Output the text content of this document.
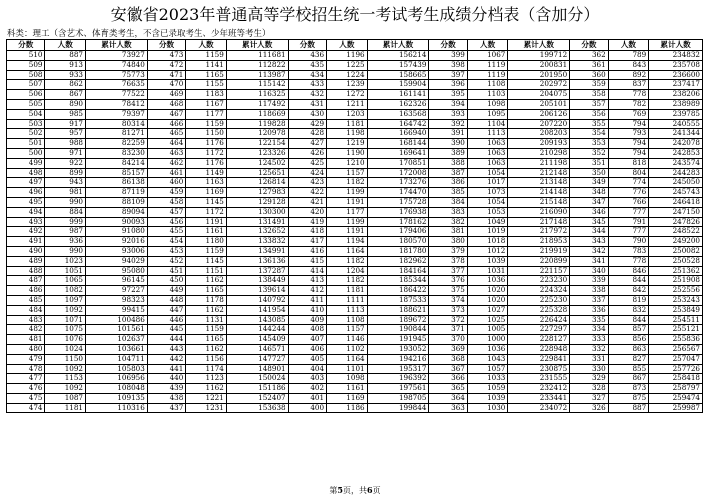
安徽省2023年普通高等学校招生统一考试考生成绩分档表（含加分）
科类：理工（含艺术、体育类考生，不含已录取考生、少年班等考生）
分数	人数	累计人数	分数	人数	累计人数	分数	人数	累计人数	分数	人数	累计人数	分数	人数	累计人数
510	887	73927	473	1159	111681	436	1196	156214	399	1067	199712	362	789	234832
509	913	74840	472	1141	112822	435	1225	157439	398	1119	200831	361	843	235708
508	933	75773	471	1165	113987	434	1224	158665	397	1119	201950	360	892	236600
507	862	76635	470	1155	115142	433	1239	159904	396	1108	202972	359	837	237417
506	867	77522	469	1183	116325	432	1272	161141	395	1103	204075	358	778	238206
505	890	78412	468	1167	117492	431	1211	162326	394	1098	205101	357	782	238989
504	985	79397	467	1177	118669	430	1203	163568	393	1095	206126	356	769	239785
503	917	80314	466	1159	119828	429	1181	164742	392	1104	207220	355	794	240555
502	957	81271	465	1150	120978	428	1198	166940	391	1113	208203	354	793	241344
501	988	82259	464	1176	122154	427	1219	168144	390	1063	209193	353	794	242078
500	971	83230	463	1172	123326	426	1190	169641	389	1063	210298	352	794	242853
499	922	84214	462	1176	124502	425	1210	170851	388	1063	211198	351	818	243574
498	899	85157	461	1149	125651	424	1157	172008	387	1054	212148	350	804	244283
497	943	86138	460	1163	126814	423	1182	173276	386	1017	213148	349	774	245050
496	981	87119	459	1169	127983	422	1199	174470	385	1073	214148	348	776	245743
495	990	88109	458	1145	129128	421	1191	175728	384	1054	215148	347	766	246418
494	884	89094	457	1172	130300	420	1177	176938	383	1053	216090	346	777	247150
493	999	90093	456	1191	131491	419	1199	178162	382	1049	217148	345	791	247826
492	987	91080	455	1161	132652	418	1191	179406	381	1019	217972	344	777	248522
491	936	92016	454	1180	133832	417	1194	180570	380	1018	218953	343	790	249200
490	990	93006	453	1159	134991	416	1164	181780	379	1012	219919	342	783	250082
489	1023	94029	452	1145	136136	415	1182	182962	378	1039	220899	341	778	250528
488	1051	95080	451	1151	137287	414	1204	184164	377	1031	221157	340	846	251362
487	1065	96145	450	1162	138449	413	1182	185344	376	1036	223230	339	844	251908
486	1082	97227	449	1165	139614	412	1181	186422	375	1020	224324	338	842	252556
485	1097	98323	448	1178	140792	411	1111	187533	374	1020	225230	337	819	253243
484	1092	99415	447	1162	141954	410	1113	188621	373	1027	225328	336	832	253849
483	1071	100486	446	1131	143085	409	1108	189672	372	1025	226424	335	844	254511
482	1075	101561	445	1159	144244	408	1157	190844	371	1005	227297	334	857	255121
481	1076	102637	444	1165	145409	407	1146	191945	370	1000	228127	333	856	255836
480	1024	103661	443	1162	146571	406	1102	193052	369	1036	228948	332	863	256567
479	1150	104711	442	1156	147727	405	1164	194216	368	1043	229841	331	827	257047
478	1092	105803	441	1174	148901	404	1101	195317	367	1057	230875	330	855	257726
477	1153	106956	440	1123	150024	403	1098	196392	366	1033	231555	329	867	258418
476	1092	108048	439	1162	151186	402	1161	197561	365	1059	232412	328	873	258797
475	1087	109135	438	1221	152407	401	1169	198705	364	1039	233441	327	875	259474
474	1181	110316	437	1231	153638	400	1186	199844	363	1030	234072	326	887	259987
第5页，共6页
